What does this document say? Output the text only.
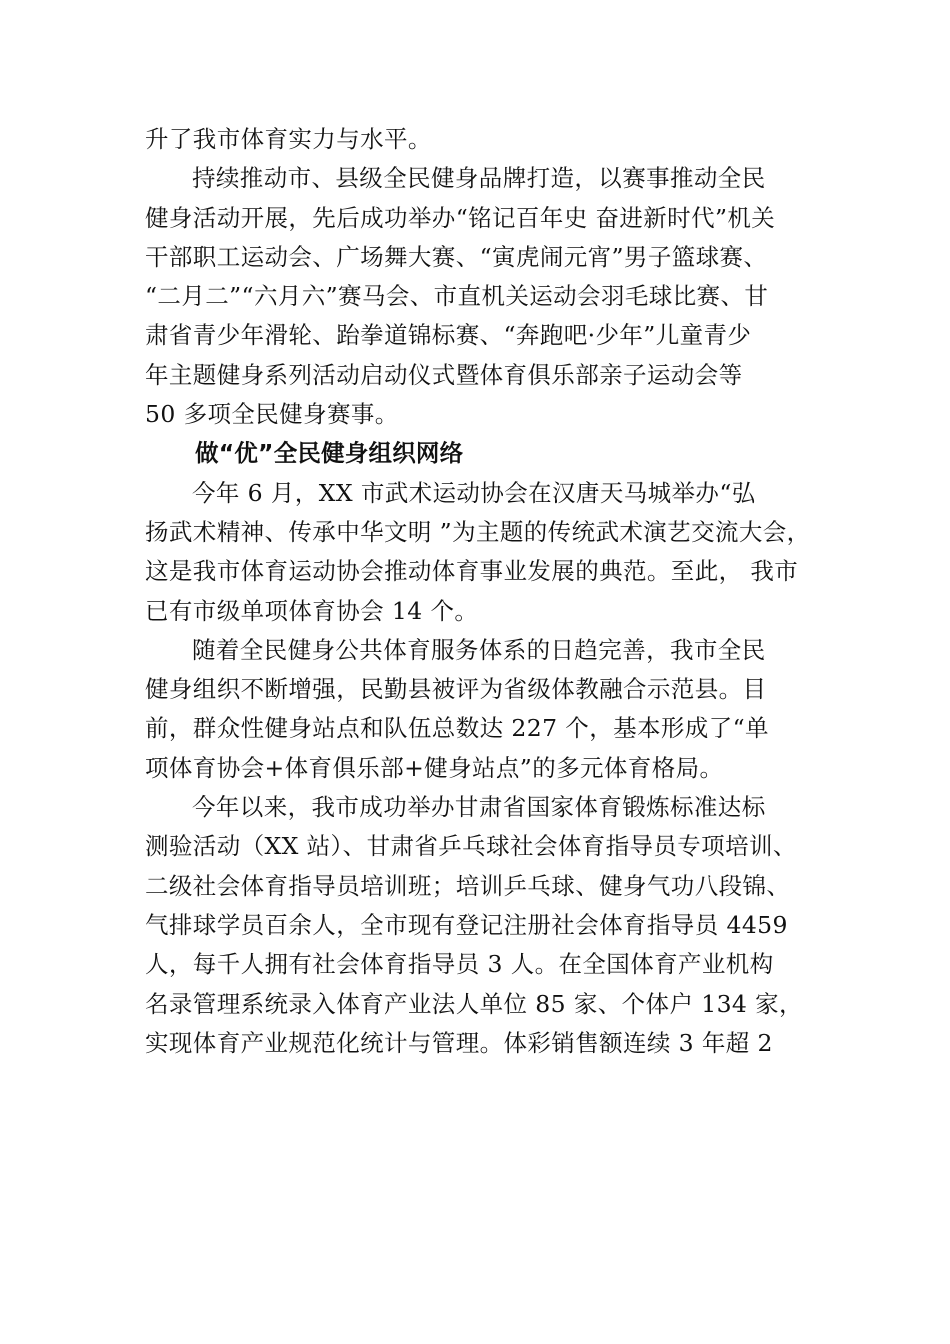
升了我市体育实力与水平。
持续推动市、县级全民健身品牌打造，以赛事推动全民
健身活动开展，先后成功举办“铭记百年史 奋进新时代”机关
干部职工运动会、广场舞大赛、“寅虎闹元宵”男子篮球赛、
“二月二”“六月六”赛马会、市直机关运动会羽毛球比赛、甘
肃省青少年滑轮、跆拳道锦标赛、“奔跑吧·少年”儿童青少
年主题健身系列活动启动仪式暨体育俱乐部亲子运动会等
50 多项全民健身赛事。
做“优”全民健身组织网络
今年 6 月，XX 市武术运动协会在汉唐天马城举办“弘
扬武术精神、传承中华文明 ”为主题的传统武术演艺交流大会，
这是我市体育运动协会推动体育事业发展的典范。至此， 我市
已有市级单项体育协会 14 个。
随着全民健身公共体育服务体系的日趋完善，我市全民
健身组织不断增强，民勤县被评为省级体教融合示范县。目
前，群众性健身站点和队伍总数达 227 个，基本形成了“单
项体育协会+体育俱乐部+健身站点”的多元体育格局。
今年以来，我市成功举办甘肃省国家体育锻炼标准达标
测验活动（XX 站）、甘肃省乒乓球社会体育指导员专项培训、
二级社会体育指导员培训班；培训乒乓球、健身气功八段锦、
气排球学员百余人，全市现有登记注册社会体育指导员 4459
人，每千人拥有社会体育指导员 3 人。在全国体育产业机构
名录管理系统录入体育产业法人单位 85 家、个体户 134 家，
实现体育产业规范化统计与管理。体彩销售额连续 3 年超 2
